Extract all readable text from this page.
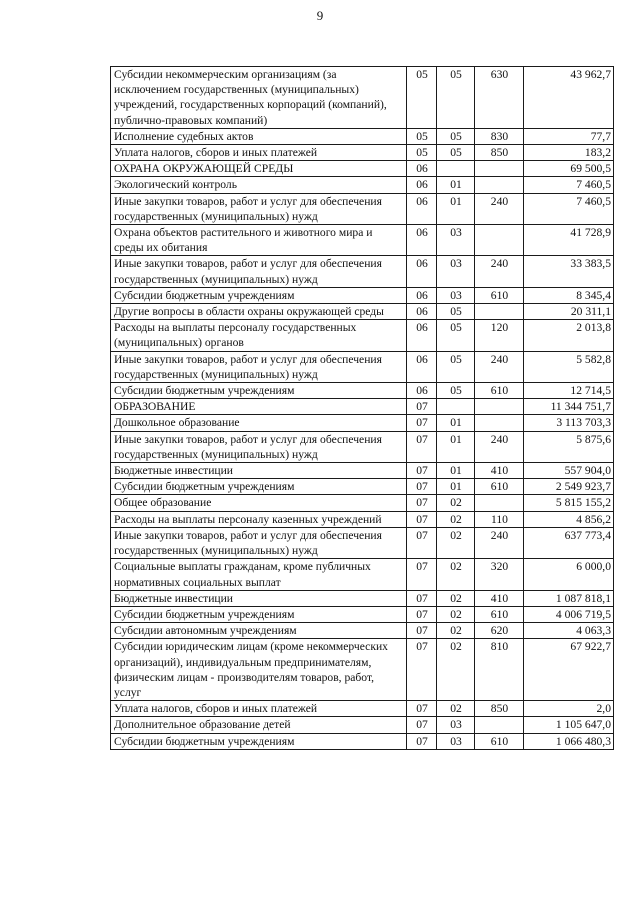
9
Субсидии некоммерческим организациям (за исключением государственных (муниципальных) учреждений, государственных корпораций (компаний), публично-правовых компаний)	05	05	630	43 962,7
Исполнение судебных актов	05	05	830	77,7
Уплата налогов, сборов и иных платежей	05	05	850	183,2
ОХРАНА ОКРУЖАЮЩЕЙ СРЕДЫ	06			69 500,5
Экологический контроль	06	01		7 460,5
Иные закупки товаров, работ и услуг для обеспечения государственных (муниципальных) нужд	06	01	240	7 460,5
Охрана объектов растительного и животного мира и среды их обитания	06	03		41 728,9
Иные закупки товаров, работ и услуг для обеспечения государственных (муниципальных) нужд	06	03	240	33 383,5
Субсидии бюджетным учреждениям	06	03	610	8 345,4
Другие вопросы в области охраны окружающей среды	06	05		20 311,1
Расходы на выплаты персоналу государственных (муниципальных) органов	06	05	120	2 013,8
Иные закупки товаров, работ и услуг для обеспечения государственных (муниципальных) нужд	06	05	240	5 582,8
Субсидии бюджетным учреждениям	06	05	610	12 714,5
ОБРАЗОВАНИЕ	07			11 344 751,7
Дошкольное образование	07	01		3 113 703,3
Иные закупки товаров, работ и услуг для обеспечения государственных (муниципальных) нужд	07	01	240	5 875,6
Бюджетные инвестиции	07	01	410	557 904,0
Субсидии бюджетным учреждениям	07	01	610	2 549 923,7
Общее образование	07	02		5 815 155,2
Расходы на выплаты персоналу казенных учреждений	07	02	110	4 856,2
Иные закупки товаров, работ и услуг для обеспечения государственных (муниципальных) нужд	07	02	240	637 773,4
Социальные выплаты гражданам, кроме публичных нормативных социальных выплат	07	02	320	6 000,0
Бюджетные инвестиции	07	02	410	1 087 818,1
Субсидии бюджетным учреждениям	07	02	610	4 006 719,5
Субсидии автономным учреждениям	07	02	620	4 063,3
Субсидии юридическим лицам (кроме некоммерческих организаций), индивидуальным предпринимателям, физическим лицам - производителям товаров, работ, услуг	07	02	810	67 922,7
Уплата налогов, сборов и иных платежей	07	02	850	2,0
Дополнительное образование детей	07	03		1 105 647,0
Субсидии бюджетным учреждениям	07	03	610	1 066 480,3
